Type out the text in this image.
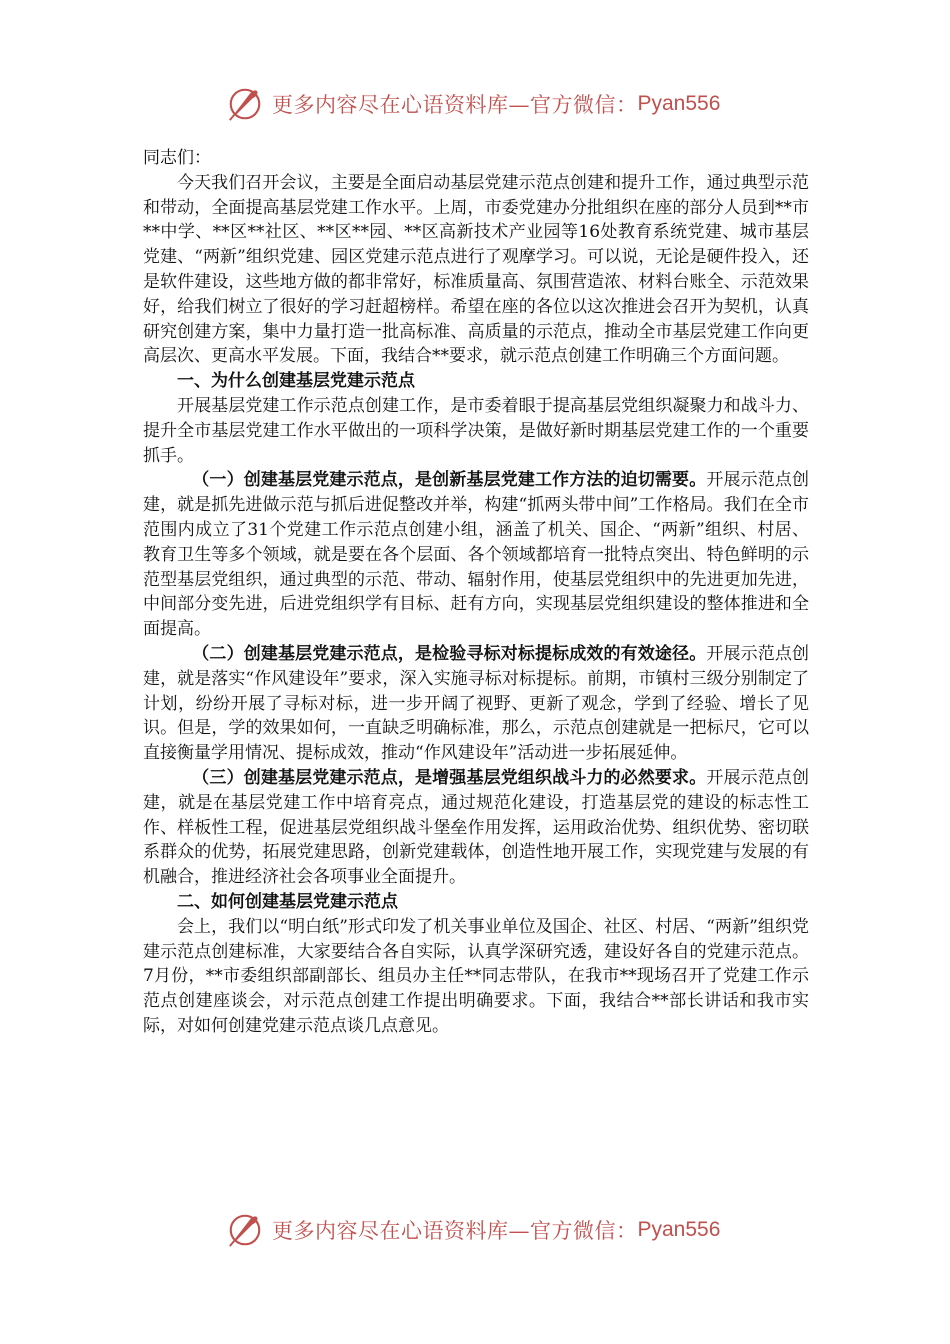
更多内容尽在心语资料库—官方微信： Pyan556

同志们：

今天我们召开会议，主要是全面启动基层党建示范点创建和提升工作，通过典型示范和带动，全面提高基层党建工作水平。上周，市委党建办分批组织在座的部分人员到**市**中学、**区**社区、**区**园、**区高新技术产业园等16处教育系统党建、城市基层党建、“两新”组织党建、园区党建示范点进行了观摩学习。可以说，无论是硬件投入，还是软件建设，这些地方做的都非常好，标准质量高、氛围营造浓、材料台账全、示范效果好，给我们树立了很好的学习赶超榜样。希望在座的各位以这次推进会召开为契机，认真研究创建方案，集中力量打造一批高标准、高质量的示范点，推动全市基层党建工作向更高层次、更高水平发展。下面，我结合**要求，就示范点创建工作明确三个方面问题。

一、为什么创建基层党建示范点

开展基层党建工作示范点创建工作，是市委着眼于提高基层党组织凝聚力和战斗力、提升全市基层党建工作水平做出的一项科学决策，是做好新时期基层党建工作的一个重要抓手。

（一）创建基层党建示范点，是创新基层党建工作方法的迫切需要。开展示范点创建，就是抓先进做示范与抓后进促整改并举，构建“抓两头带中间”工作格局。我们在全市范围内成立了31个党建工作示范点创建小组，涵盖了机关、国企、“两新”组织、村居、教育卫生等多个领域，就是要在各个层面、各个领域都培育一批特点突出、特色鲜明的示范型基层党组织，通过典型的示范、带动、辐射作用，使基层党组织中的先进更加先进，中间部分变先进，后进党组织学有目标、赶有方向，实现基层党组织建设的整体推进和全面提高。

（二）创建基层党建示范点，是检验寻标对标提标成效的有效途径。开展示范点创建，就是落实“作风建设年”要求，深入实施寻标对标提标。前期，市镇村三级分别制定了计划，纷纷开展了寻标对标，进一步开阔了视野、更新了观念，学到了经验、增长了见识。但是，学的效果如何，一直缺乏明确标准，那么，示范点创建就是一把标尺，它可以直接衡量学用情况、提标成效，推动“作风建设年”活动进一步拓展延伸。

（三）创建基层党建示范点，是增强基层党组织战斗力的必然要求。开展示范点创建，就是在基层党建工作中培育亮点，通过规范化建设，打造基层党的建设的标志性工作、样板性工程，促进基层党组织战斗堡垒作用发挥，运用政治优势、组织优势、密切联系群众的优势，拓展党建思路，创新党建载体，创造性地开展工作，实现党建与发展的有机融合，推进经济社会各项事业全面提升。

二、如何创建基层党建示范点

会上，我们以“明白纸”形式印发了机关事业单位及国企、社区、村居、“两新”组织党建示范点创建标准，大家要结合各自实际，认真学深研究透，建设好各自的党建示范点。7月份，**市委组织部副部长、组员办主任**同志带队，在我市**现场召开了党建工作示范点创建座谈会，对示范点创建工作提出明确要求。下面，我结合**部长讲话和我市实际，对如何创建党建示范点谈几点意见。

更多内容尽在心语资料库—官方微信： Pyan556
